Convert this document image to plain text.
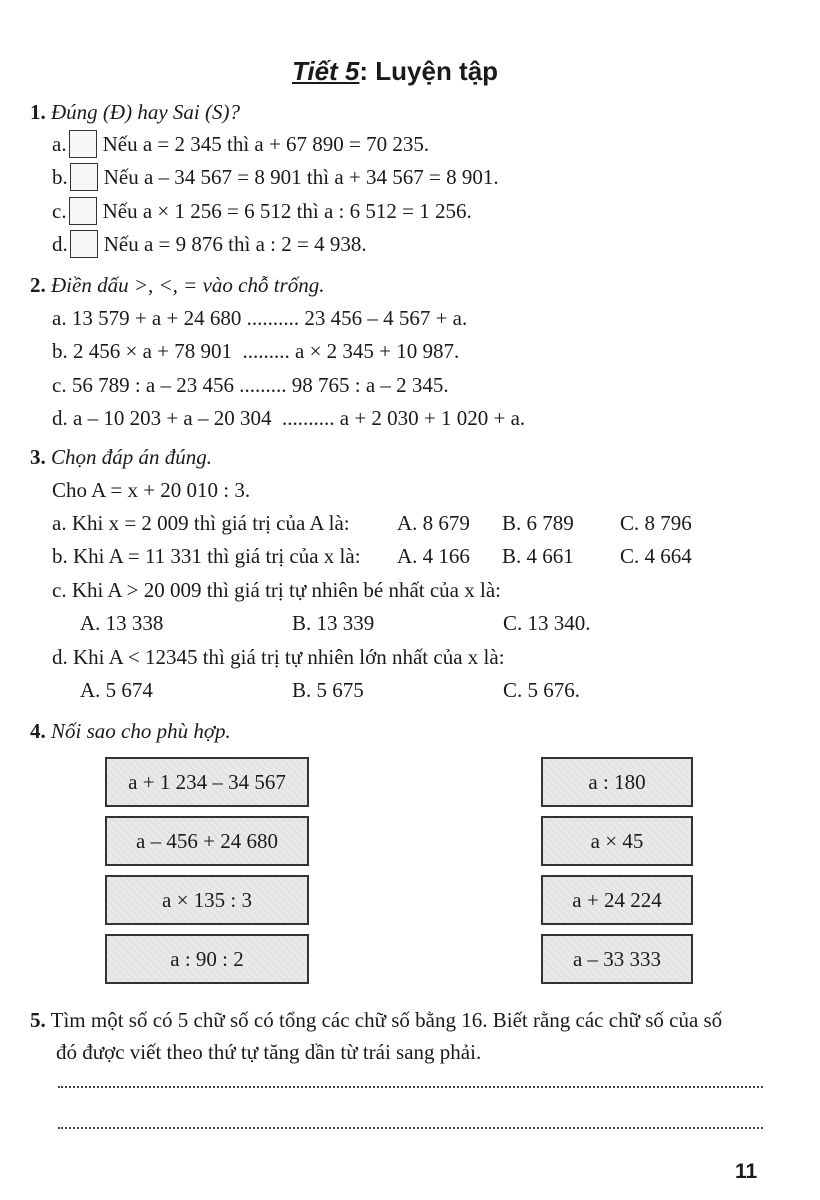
Tiết 5: Luyện tập
1. Đúng (Đ) hay Sai (S)?
a. Nếu a = 2 345 thì a + 67 890 = 70 235.
b. Nếu a – 34 567 = 8 901 thì a + 34 567 = 8 901.
c. Nếu a × 1 256 = 6 512 thì a : 6 512 = 1 256.
d. Nếu a = 9 876 thì a : 2 = 4 938.
2. Điền dấu >, <, = vào chỗ trống.
a. 13 579 + a + 24 680 .......... 23 456 – 4 567 + a.
b. 2 456 × a + 78 901 ......... a × 2 345 + 10 987.
c. 56 789 : a – 23 456 ......... 98 765 : a – 2 345.
d. a – 10 203 + a – 20 304 .......... a + 2 030 + 1 020 + a.
3. Chọn đáp án đúng.
Cho A = x + 20 010 : 3.
a. Khi x = 2 009 thì giá trị của A là: A. 8 679 B. 6 789 C. 8 796
b. Khi A = 11 331 thì giá trị của x là: A. 4 166 B. 4 661 C. 4 664
c. Khi A > 20 009 thì giá trị tự nhiên bé nhất của x là:
A. 13 338	B. 13 339	C. 13 340.
d. Khi A < 12345 thì giá trị tự nhiên lớn nhất của x là:
A. 5 674	B. 5 675	C. 5 676.
4. Nối sao cho phù hợp.
a + 1 234 – 34 567
a – 456 + 24 680
a × 135 : 3
a : 90 : 2
a : 180
a × 45
a + 24 224
a – 33 333
5. Tìm một số có 5 chữ số có tổng các chữ số bằng 16. Biết rằng các chữ số của số
đó được viết theo thứ tự tăng dần từ trái sang phải.
11
